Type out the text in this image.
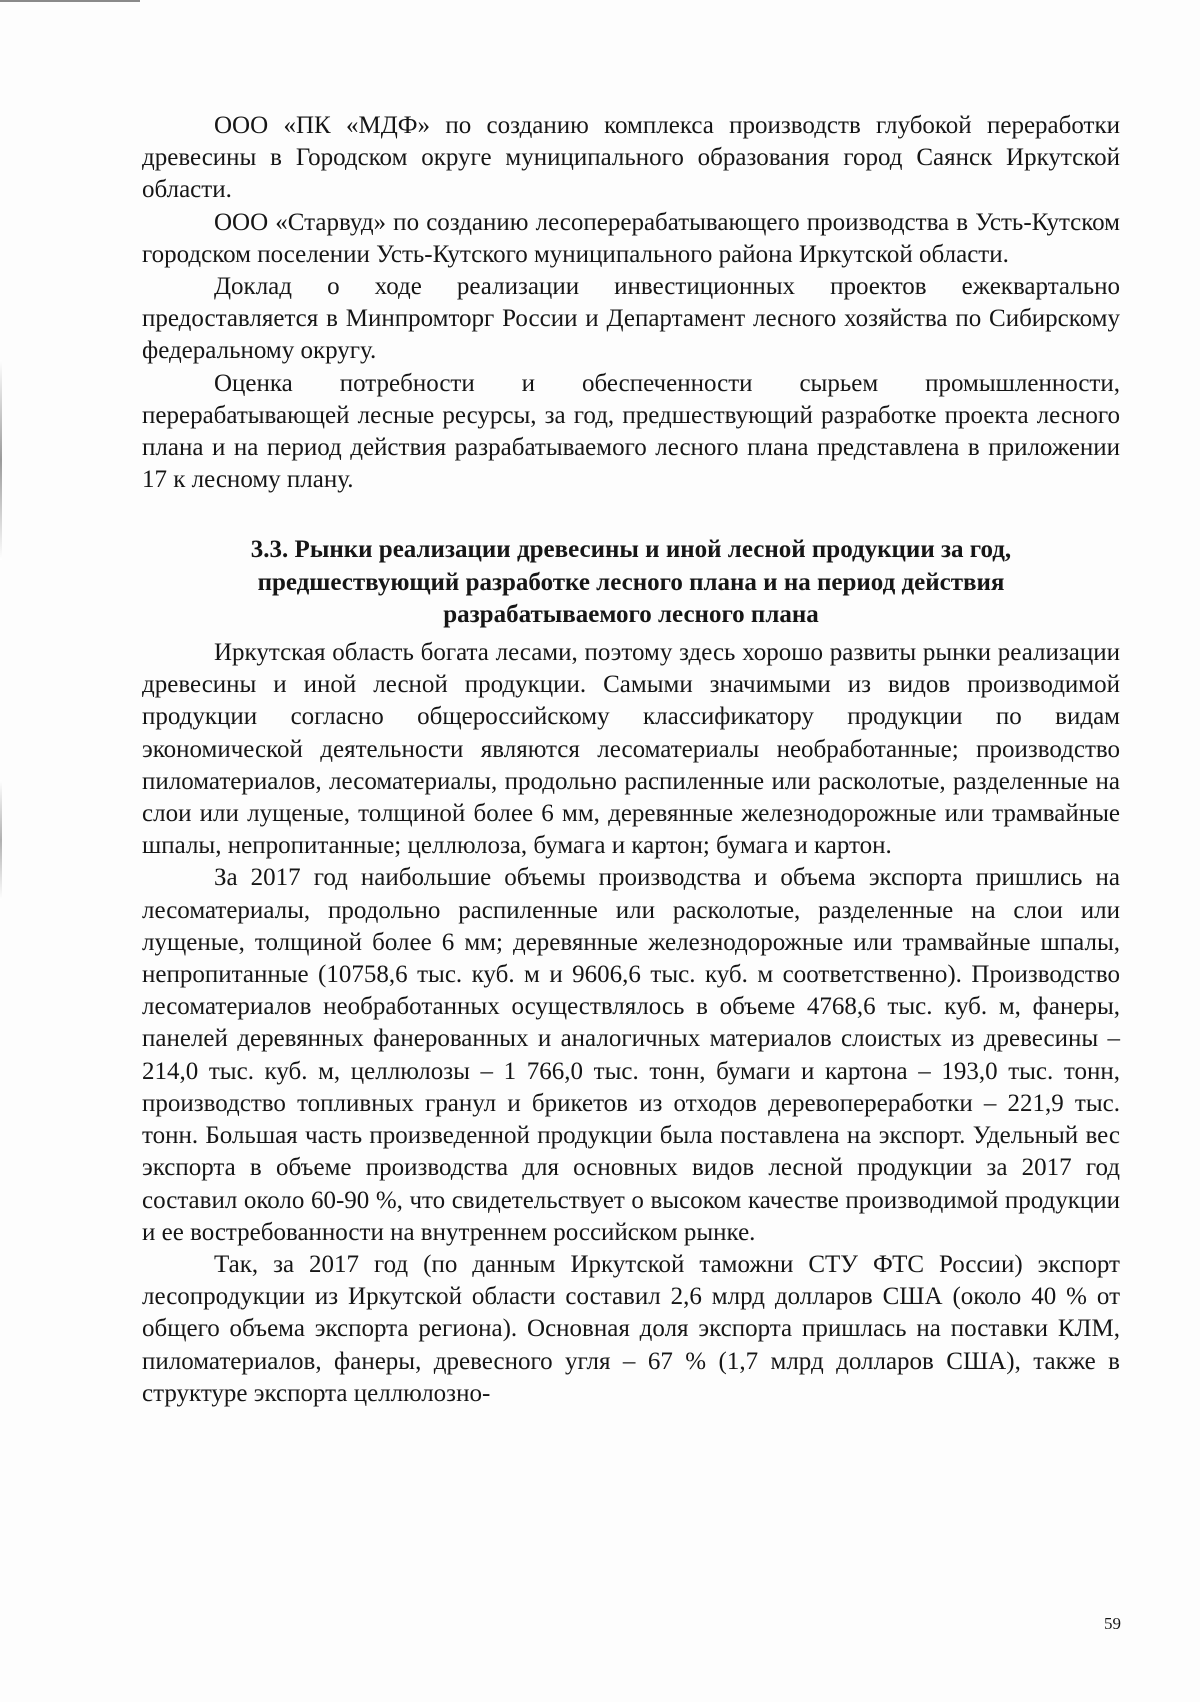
ООО «ПК «МДФ» по созданию комплекса производств глубокой переработки древесины в Городском округе муниципального образования город Саянск Иркутской области.

ООО «Старвуд» по созданию лесоперерабатывающего производства в Усть-Кутском городском поселении Усть-Кутского муниципального района Иркутской области.

Доклад о ходе реализации инвестиционных проектов ежеквартально предоставляется в Минпромторг России и Департамент лесного хозяйства по Сибирскому федеральному округу.

Оценка потребности и обеспеченности сырьем промышленности, перерабатывающей лесные ресурсы, за год, предшествующий разработке проекта лесного плана и на период действия разрабатываемого лесного плана представлена в приложении 17 к лесному плану.

3.3. Рынки реализации древесины и иной лесной продукции за год, предшествующий разработке лесного плана и на период действия разрабатываемого лесного плана

Иркутская область богата лесами, поэтому здесь хорошо развиты рынки реализации древесины и иной лесной продукции. Самыми значимыми из видов производимой продукции согласно общероссийскому классификатору продукции по видам экономической деятельности являются лесоматериалы необработанные; производство пиломатериалов, лесоматериалы, продольно распиленные или расколотые, разделенные на слои или лущеные, толщиной более 6 мм, деревянные железнодорожные или трамвайные шпалы, непропитанные; целлюлоза, бумага и картон; бумага и картон.

За 2017 год наибольшие объемы производства и объема экспорта пришлись на лесоматериалы, продольно распиленные или расколотые, разделенные на слои или лущеные, толщиной более 6 мм; деревянные железнодорожные или трамвайные шпалы, непропитанные (10758,6 тыс. куб. м и 9606,6 тыс. куб. м соответственно). Производство лесоматериалов необработанных осуществлялось в объеме 4768,6 тыс. куб. м, фанеры, панелей деревянных фанерованных и аналогичных материалов слоистых из древесины – 214,0 тыс. куб. м, целлюлозы – 1 766,0 тыс. тонн, бумаги и картона – 193,0 тыс. тонн, производство топливных гранул и брикетов из отходов деревопереработки – 221,9 тыс. тонн. Большая часть произведенной продукции была поставлена на экспорт. Удельный вес экспорта в объеме производства для основных видов лесной продукции за 2017 год составил около 60-90 %, что свидетельствует о высоком качестве производимой продукции и ее востребованности на внутреннем российском рынке.

Так, за 2017 год (по данным Иркутской таможни СТУ ФТС России) экспорт лесопродукции из Иркутской области составил 2,6 млрд долларов США (около 40 % от общего объема экспорта региона). Основная доля экспорта пришлась на поставки КЛМ, пиломатериалов, фанеры, древесного угля – 67 % (1,7 млрд долларов США), также в структуре экспорта целлюлозно-

59
